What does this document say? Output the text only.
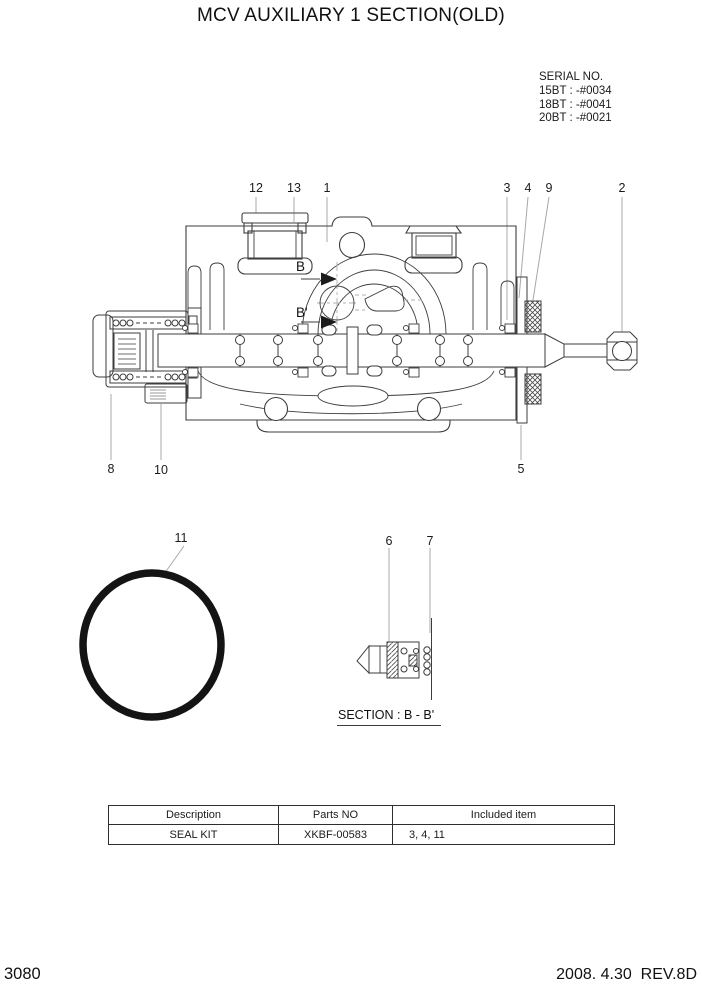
MCV AUXILIARY 1 SECTION(OLD)
SERIAL NO.
15BT : -#0034
18BT : -#0041
20BT : -#0021
12 13 1	3 4 9	2
8	10	5
11	6	7
B
B'
SECTION : B - B'
Description	Parts NO	Included item
SEAL KIT	XKBF-00583	3, 4, 11
3080	2008. 4.30  REV.8D
